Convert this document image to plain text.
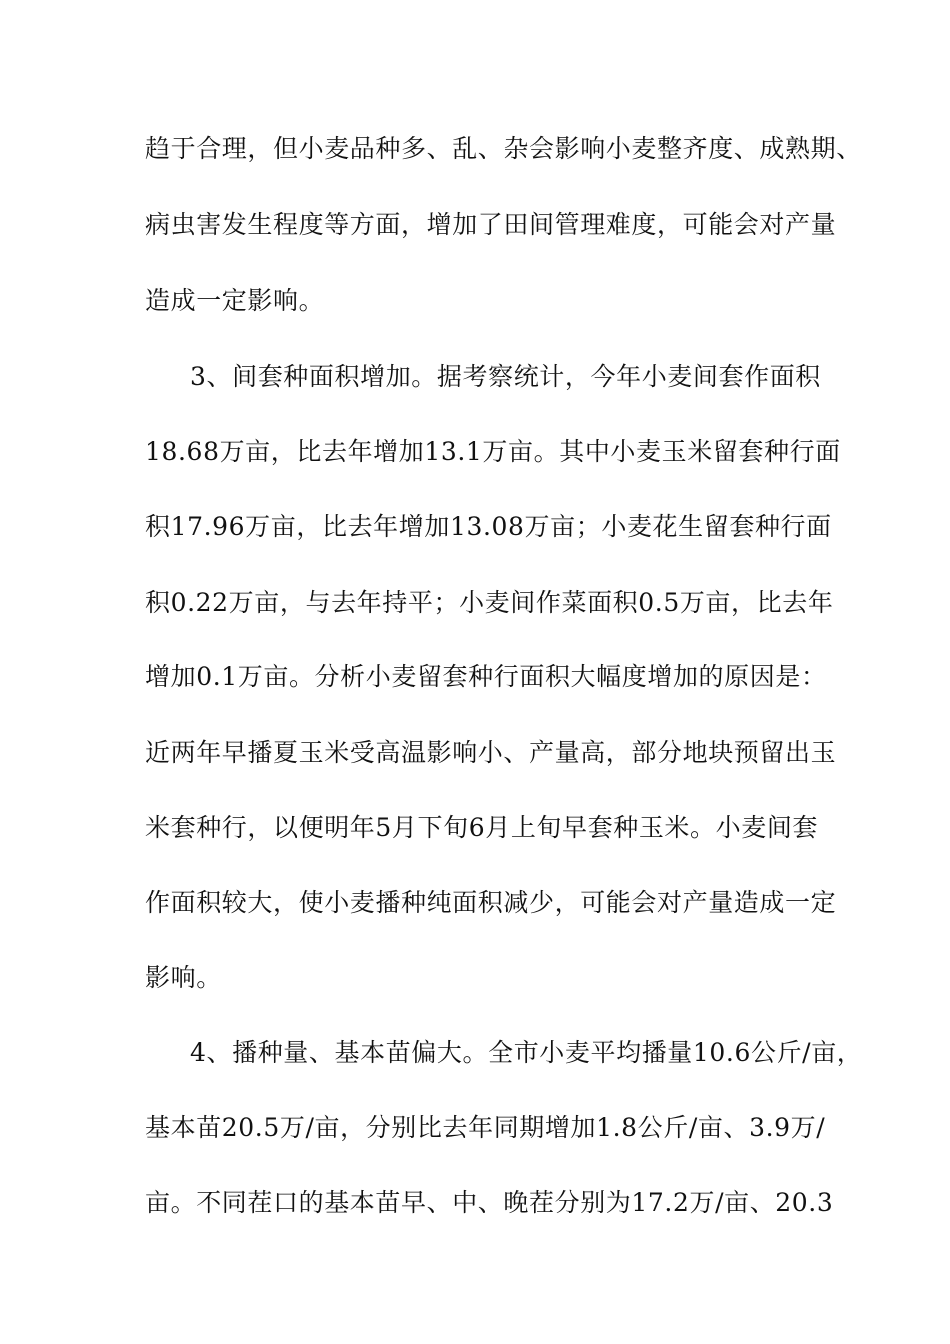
趋于合理，但小麦品种多、乱、杂会影响小麦整齐度、成熟期、
病虫害发生程度等方面，增加了田间管理难度，可能会对产量
造成一定影响。
3、间套种面积增加。据考察统计，今年小麦间套作面积
18.68万亩，比去年增加13.1万亩。其中小麦玉米留套种行面
积17.96万亩，比去年增加13.08万亩；小麦花生留套种行面
积0.22万亩，与去年持平；小麦间作菜面积0.5万亩，比去年
增加0.1万亩。分析小麦留套种行面积大幅度增加的原因是：
近两年早播夏玉米受高温影响小、产量高，部分地块预留出玉
米套种行，以便明年5月下旬6月上旬早套种玉米。小麦间套
作面积较大，使小麦播种纯面积减少，可能会对产量造成一定
影响。
4、播种量、基本苗偏大。全市小麦平均播量10.6公斤/亩，
基本苗20.5万/亩，分别比去年同期增加1.8公斤/亩、3.9万/
亩。不同茬口的基本苗早、中、晚茬分别为17.2万/亩、20.3
